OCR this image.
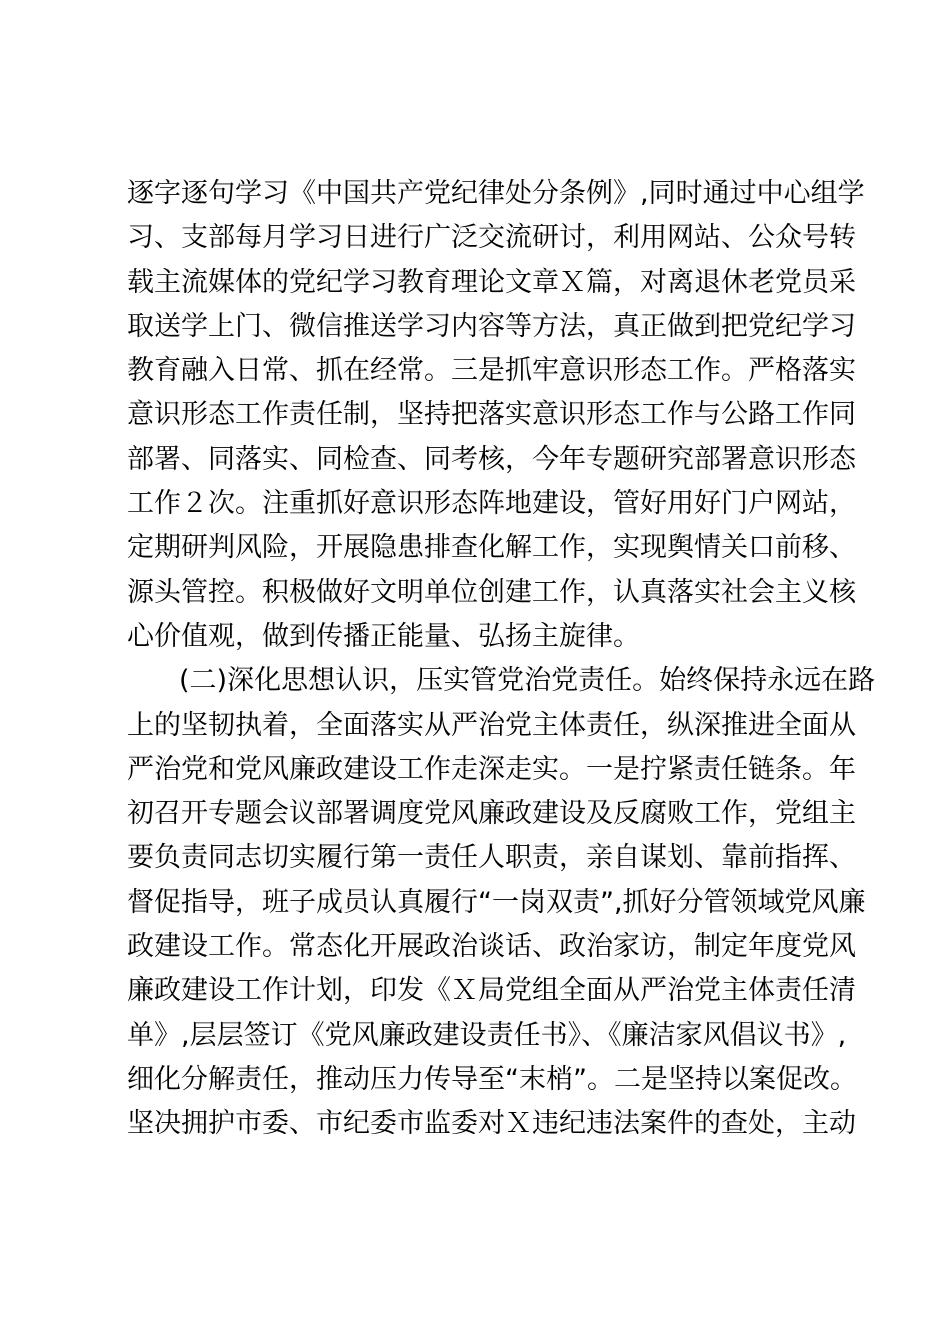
逐字逐句学习《中国共产党纪律处分条例》,同时通过中心组学
习、支部每月学习日进行广泛交流研讨，利用网站、公众号转
载主流媒体的党纪学习教育理论文章Ｘ篇，对离退休老党员采
取送学上门、微信推送学习内容等方法，真正做到把党纪学习
教育融入日常、抓在经常。三是抓牢意识形态工作。严格落实
意识形态工作责任制，坚持把落实意识形态工作与公路工作同
部署、同落实、同检查、同考核，今年专题研究部署意识形态
工作２次。注重抓好意识形态阵地建设，管好用好门户网站，
定期研判风险，开展隐患排查化解工作，实现舆情关口前移、
源头管控。积极做好文明单位创建工作，认真落实社会主义核
心价值观，做到传播正能量、弘扬主旋律。
(二)深化思想认识，压实管党治党责任。始终保持永远在路
上的坚韧执着，全面落实从严治党主体责任，纵深推进全面从
严治党和党风廉政建设工作走深走实。一是拧紧责任链条。年
初召开专题会议部署调度党风廉政建设及反腐败工作，党组主
要负责同志切实履行第一责任人职责，亲自谋划、靠前指挥、
督促指导，班子成员认真履行“一岗双责”,抓好分管领域党风廉
政建设工作。常态化开展政治谈话、政治家访，制定年度党风
廉政建设工作计划，印发《Ｘ局党组全面从严治党主体责任清
单》,层层签订《党风廉政建设责任书》、《廉洁家风倡议书》,
细化分解责任，推动压力传导至“末梢”。二是坚持以案促改。
坚决拥护市委、市纪委市监委对Ｘ违纪违法案件的查处，主动
